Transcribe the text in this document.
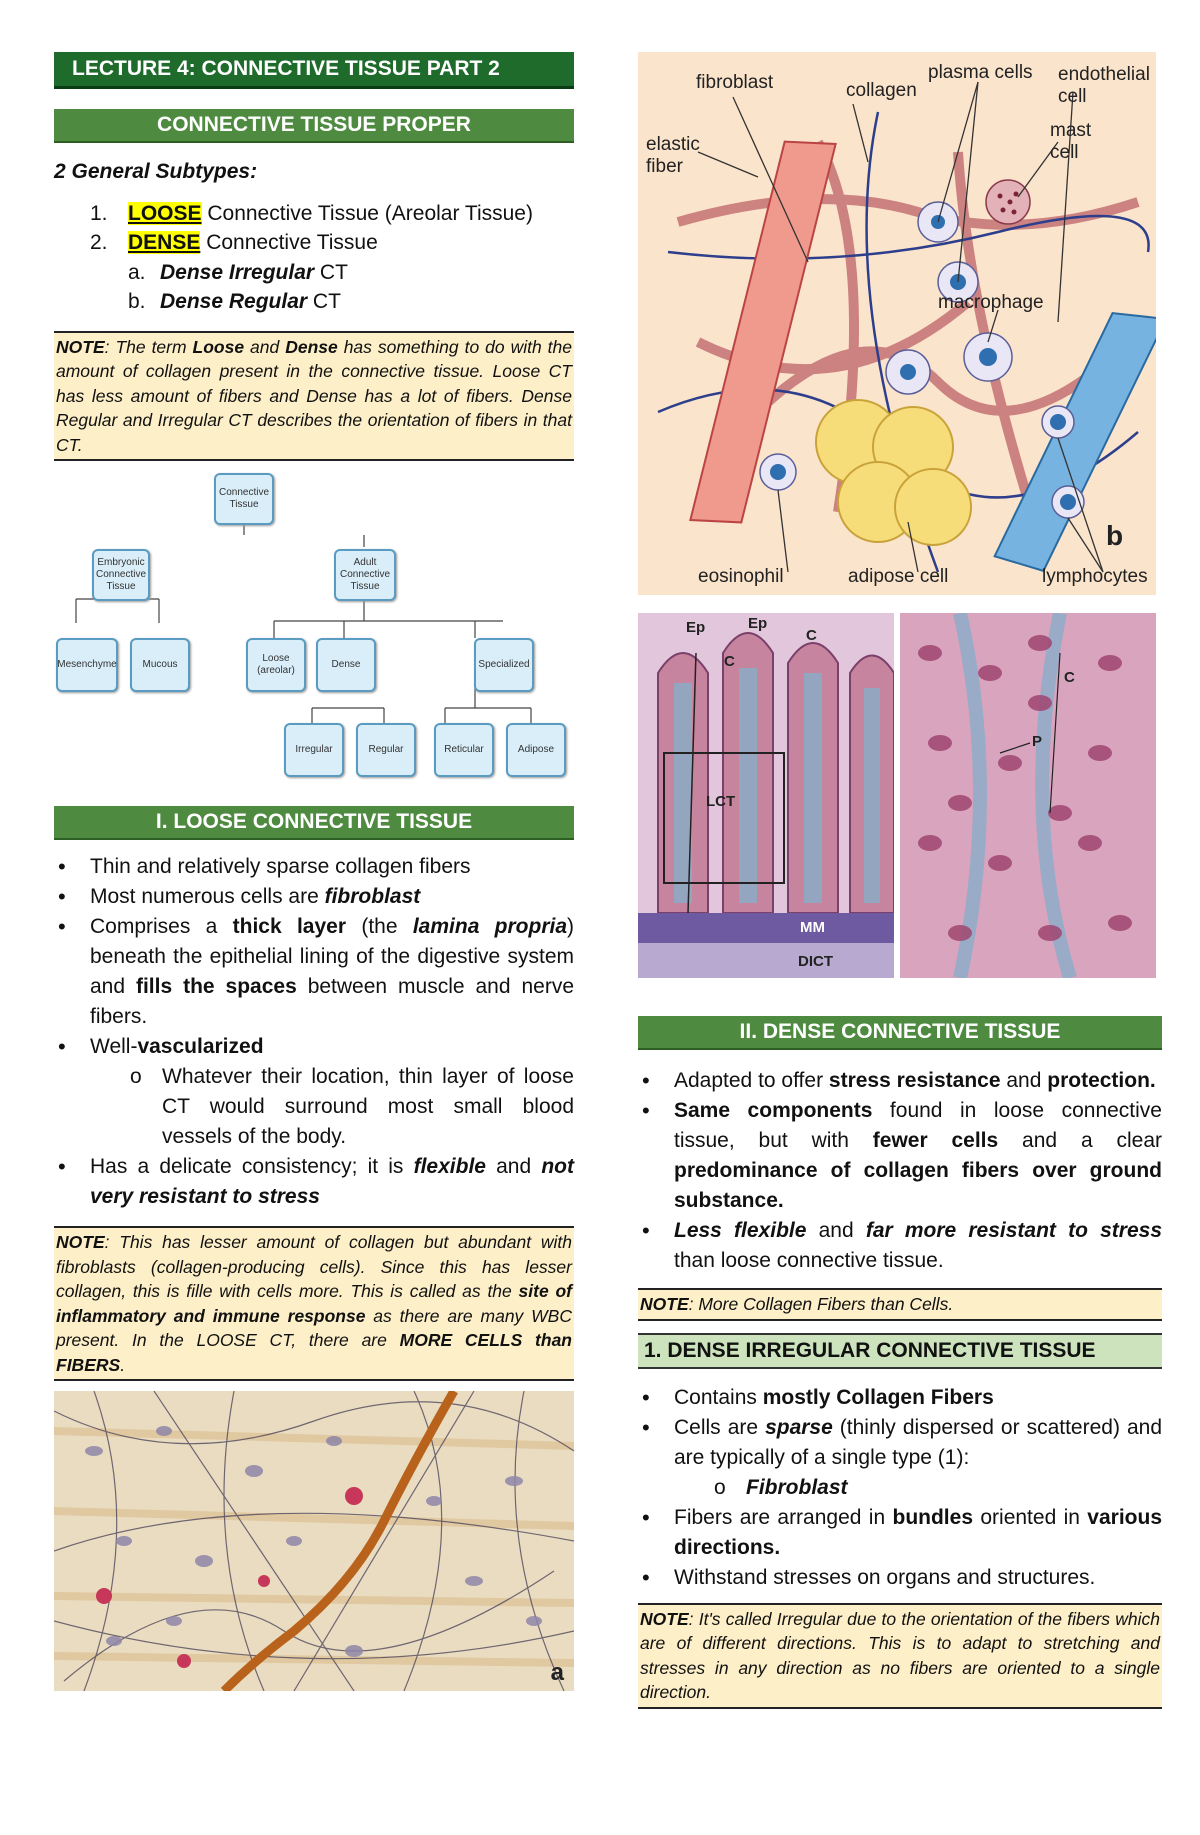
LECTURE 4: CONNECTIVE TISSUE PART 2
CONNECTIVE TISSUE PROPER
2 General Subtypes:
1. LOOSE Connective Tissue (Areolar Tissue)
2. DENSE Connective Tissue
a. Dense Irregular CT
b. Dense Regular CT
NOTE: The term Loose and Dense has something to do with the amount of collagen present in the connective tissue. Loose CT has less amount of fibers and Dense has a lot of fibers. Dense Regular and Irregular CT describes the orientation of fibers in that CT.
Connective Tissue
Embryonic Connective Tissue
Adult Connective Tissue
Mesenchyme	Mucous
Loose (areolar)
Dense	Specialized
Irregular	Regular	Reticular	Adipose
I. LOOSE CONNECTIVE TISSUE
• Thin and relatively sparse collagen fibers
• Most numerous cells are fibroblast
• Comprises a thick layer (the lamina propria) beneath the epithelial lining of the digestive system and fills the spaces between muscle and nerve fibers.
• Well-vascularized
o Whatever their location, thin layer of loose CT would surround most small blood vessels of the body.
• Has a delicate consistency; it is flexible and not very resistant to stress
NOTE: This has lesser amount of collagen but abundant with fibroblasts (collagen-producing cells). Since this has lesser collagen, this is fille with cells more. This is called as the site of inflammatory and immune response as there are many WBC present. In the LOOSE CT, there are MORE CELLS than FIBERS.
a
fibroblast	collagen
plasma cells endothelial cell
elastic fiber
mast cell
macrophage
eosinophil	adipose cell	lymphocytes
b
Ep	Ep
C
C
LCT
MM
DICT
C
P
II. DENSE CONNECTIVE TISSUE
• Adapted to offer stress resistance and protection.
• Same components found in loose connective tissue, but with fewer cells and a clear predominance of collagen fibers over ground substance.
• Less flexible and far more resistant to stress than loose connective tissue.
NOTE: More Collagen Fibers than Cells.
1. DENSE IRREGULAR CONNECTIVE TISSUE
• Contains mostly Collagen Fibers
• Cells are sparse (thinly dispersed or scattered) and are typically of a single type (1):
o Fibroblast
• Fibers are arranged in bundles oriented in various directions.
• Withstand stresses on organs and structures.
NOTE: It's called Irregular due to the orientation of the fibers which are of different directions. This is to adapt to stretching and stresses in any direction as no fibers are oriented to a single direction.
